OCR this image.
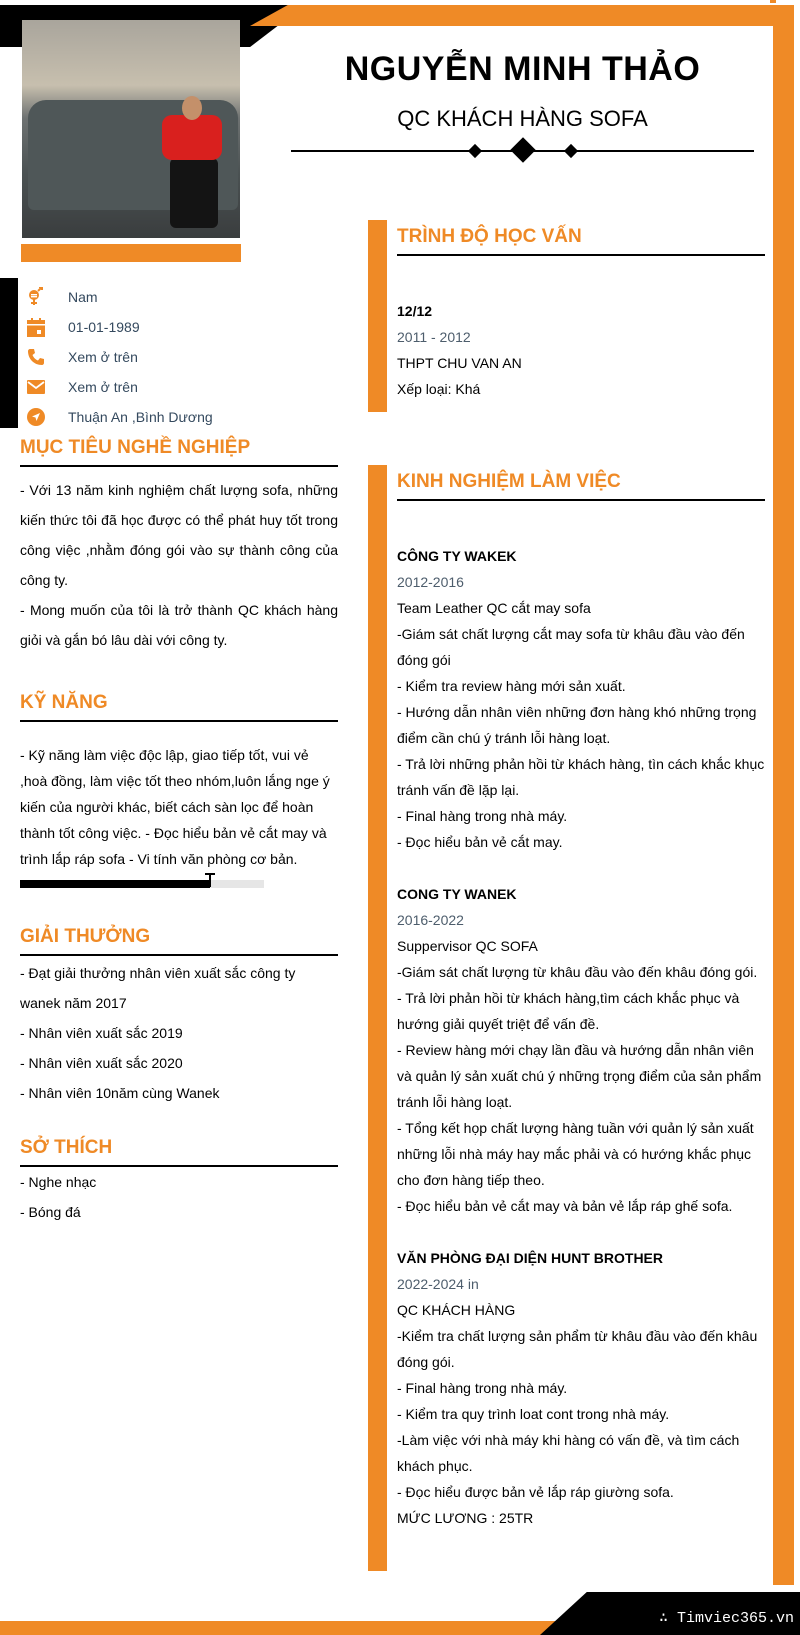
∴ Timviec365.vn
NGUYỄN MINH THẢO
QC KHÁCH HÀNG SOFA
Nam
01-01-1989
Xem ở trên
Xem ở trên
Thuận An ,Bình Dương
MỤC TIÊU NGHỀ NGHIỆP

- Với 13 năm kinh nghiệm chất lượng sofa, những kiến thức tôi đã học được có thể phát huy tốt trong công việc ,nhằm đóng gói vào sự thành công của công ty.

- Mong muốn của tôi là trở thành QC khách hàng giỏi và gắn bó lâu dài với công ty.

KỸ NĂNG

- Kỹ năng làm việc độc lập, giao tiếp tốt, vui vẻ ,hoà đồng, làm việc tốt theo nhóm,luôn lắng nge ý kiến của người khác, biết cách sàn lọc để hoàn thành tốt công việc. - Đọc hiểu bản vẻ cắt may và trình lắp ráp sofa - Vi tính văn phòng cơ bản.

GIẢI THƯỞNG

- Đạt giải thưởng nhân viên xuất sắc công ty wanek năm 2017

- Nhân viên xuất sắc 2019

- Nhân viên xuất sắc 2020

- Nhân viên 10năm cùng Wanek

SỞ THÍCH

- Nghe nhạc

- Bóng đá

TRÌNH ĐỘ HỌC VẤN

12/12

2011 - 2012

THPT CHU VAN AN

Xếp loại: Khá

KINH NGHIỆM LÀM VIỆC

CÔNG TY WAKEK

2012-2016

Team Leather QC cắt may sofa

-Giám sát chất lượng cắt may sofa từ khâu đầu vào đến đóng gói

- Kiểm tra review hàng mới sản xuất.

- Hướng dẫn nhân viên những đơn hàng khó những trọng điểm cần chú ý tránh lỗi hàng loạt.

- Trả lời những phản hồi từ khách hàng, tìn cách khắc khục tránh vấn đề lặp lại.

- Final hàng trong nhà máy.

- Đọc hiểu bản vẻ cắt may.

CONG TY WANEK

2016-2022

Suppervisor QC SOFA

-Giám sát chất lượng từ khâu đầu vào đến khâu đóng gói.

- Trả lời phản hồi từ khách hàng,tìm cách khắc phục và hướng giải quyết triệt để vấn đề.

- Review hàng mới chạy lần đầu và hướng dẫn nhân viên và quản lý sản xuất chú ý những trọng điểm của sản phẩm tránh lỗi hàng loạt.

- Tổng kết họp chất lượng hàng tuần với quản lý sản xuất những lỗi nhà máy hay mắc phải và có hướng khắc phục cho đơn hàng tiếp theo.

- Đọc hiểu bản vẻ cắt may và bản vẻ lắp ráp ghế sofa.

VĂN PHÒNG ĐẠI DIỆN HUNT BROTHER

2022-2024 in

QC KHÁCH HÀNG

-Kiểm tra chất lượng sản phẩm từ khâu đầu vào đến khâu đóng gói.

- Final hàng trong nhà máy.

- Kiểm tra quy trình loat cont trong nhà máy.

-Làm việc với nhà máy khi hàng có vấn đề, và tìm cách khách phục.

- Đọc hiểu được bản vẻ lắp ráp giường sofa.

MỨC LƯƠNG : 25TR
